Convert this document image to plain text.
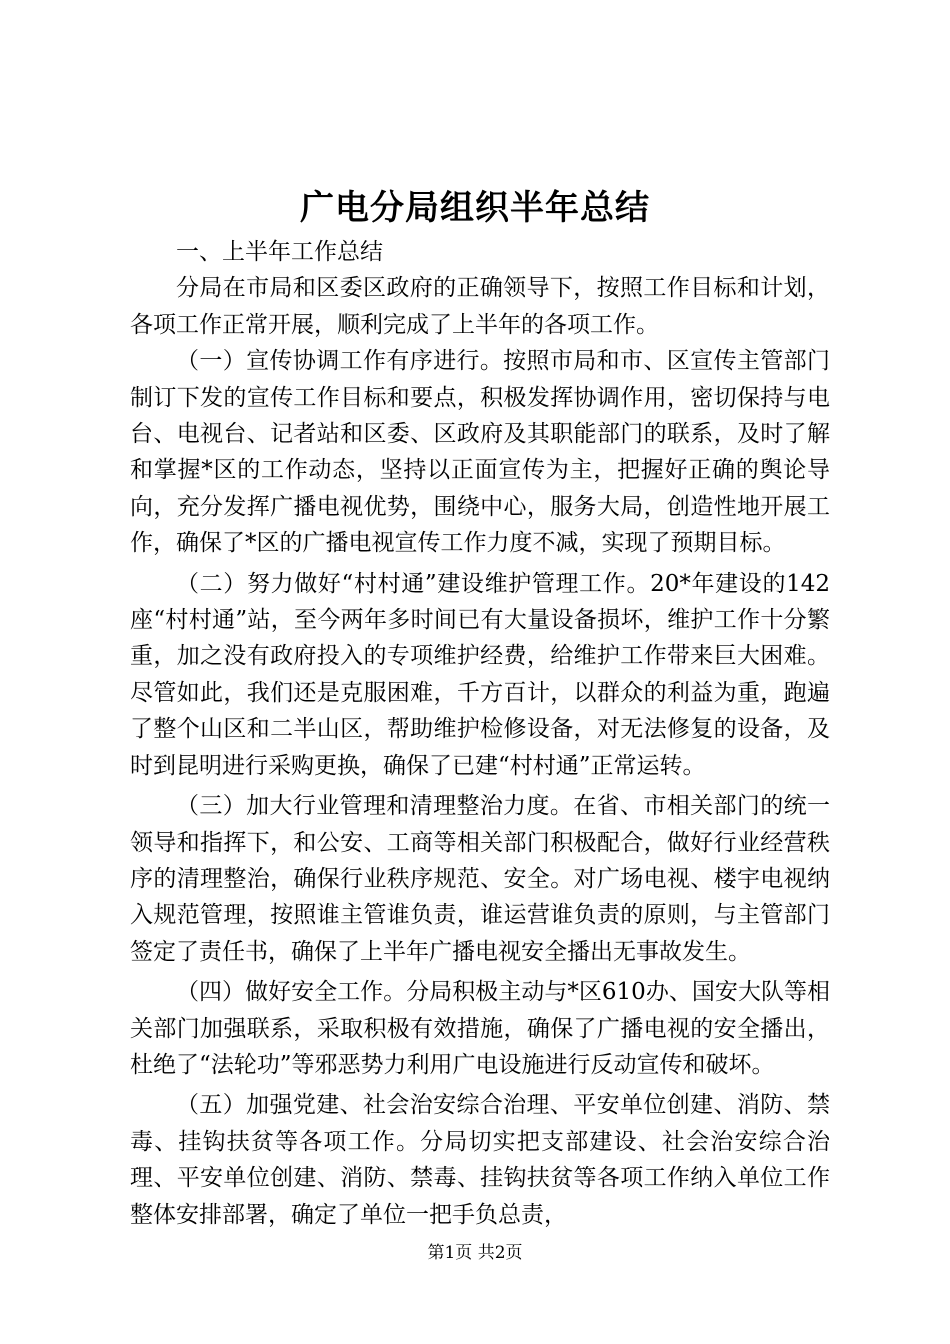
广电分局组织半年总结

一、上半年工作总结

分局在市局和区委区政府的正确领导下，按照工作目标和计划，各项工作正常开展，顺利完成了上半年的各项工作。

（一）宣传协调工作有序进行。按照市局和市、区宣传主管部门制订下发的宣传工作目标和要点，积极发挥协调作用，密切保持与电台、电视台、记者站和区委、区政府及其职能部门的联系，及时了解和掌握*区的工作动态，坚持以正面宣传为主，把握好正确的舆论导向，充分发挥广播电视优势，围绕中心，服务大局，创造性地开展工作，确保了*区的广播电视宣传工作力度不减，实现了预期目标。

（二）努力做好“村村通”建设维护管理工作。20*年建设的142座“村村通”站，至今两年多时间已有大量设备损坏，维护工作十分繁重，加之没有政府投入的专项维护经费，给维护工作带来巨大困难。尽管如此，我们还是克服困难，千方百计，以群众的利益为重，跑遍了整个山区和二半山区，帮助维护检修设备，对无法修复的设备，及时到昆明进行采购更换，确保了已建“村村通”正常运转。

（三）加大行业管理和清理整治力度。在省、市相关部门的统一领导和指挥下，和公安、工商等相关部门积极配合，做好行业经营秩序的清理整治，确保行业秩序规范、安全。对广场电视、楼宇电视纳入规范管理，按照谁主管谁负责，谁运营谁负责的原则，与主管部门签定了责任书，确保了上半年广播电视安全播出无事故发生。

（四）做好安全工作。分局积极主动与*区610办、国安大队等相关部门加强联系，采取积极有效措施，确保了广播电视的安全播出，杜绝了“法轮功”等邪恶势力利用广电设施进行反动宣传和破坏。

（五）加强党建、社会治安综合治理、平安单位创建、消防、禁毒、挂钩扶贫等各项工作。分局切实把支部建设、社会治安综合治理、平安单位创建、消防、禁毒、挂钩扶贫等各项工作纳入单位工作整体安排部署，确定了单位一把手负总责，

第1页 共2页
